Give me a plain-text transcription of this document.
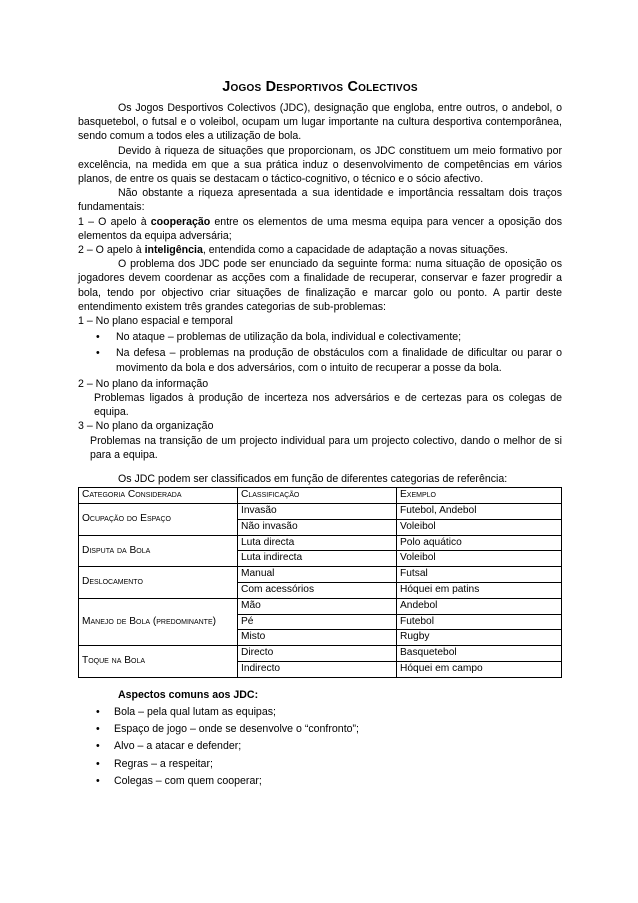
Jogos Desportivos Colectivos

Os Jogos Desportivos Colectivos (JDC), designação que engloba, entre outros, o andebol, o basquetebol, o futsal e o voleibol, ocupam um lugar importante na cultura desportiva contemporânea, sendo comum a todos eles a utilização de bola.

Devido à riqueza de situações que proporcionam, os JDC constituem um meio formativo por excelência, na medida em que a sua prática induz o desenvolvimento de competências em vários planos, de entre os quais se destacam o táctico-cognitivo, o técnico e o sócio afectivo.

Não obstante a riqueza apresentada a sua identidade e importância ressaltam dois traços fundamentais:

1 – O apelo à cooperação entre os elementos de uma mesma equipa para vencer a oposição dos elementos da equipa adversária;

2 – O apelo à inteligência, entendida como a capacidade de adaptação a novas situações.

O problema dos JDC pode ser enunciado da seguinte forma: numa situação de oposição os jogadores devem coordenar as acções com a finalidade de recuperar, conservar e fazer progredir a bola, tendo por objectivo criar situações de finalização e marcar golo ou ponto. A partir deste entendimento existem três grandes categorias de sub-problemas:

1 – No plano espacial e temporal

• No ataque – problemas de utilização da bola, individual e colectivamente;
• Na defesa – problemas na produção de obstáculos com a finalidade de dificultar ou parar o movimento da bola e dos adversários, com o intuito de recuperar a posse da bola.

2 – No plano da informação

Problemas ligados à produção de incerteza nos adversários e de certezas para os colegas de equipa.

3 – No plano da organização

Problemas na transição de um projecto individual para um projecto colectivo, dando o melhor de si para a equipa.

Os JDC podem ser classificados em função de diferentes categorias de referência:

Categoria Considerada	Classificação	Exemplo
Ocupação do Espaço	Invasão	Futebol, Andebol
	Não invasão	Voleibol
Disputa da Bola	Luta directa	Polo aquático
	Luta indirecta	Voleibol
Deslocamento	Manual	Futsal
	Com acessórios	Hóquei em patins
Manejo de Bola (predominante)	Mão	Andebol
	Pé	Futebol
	Misto	Rugby
Toque na Bola	Directo	Basquetebol
	Indirecto	Hóquei em campo
Aspectos comuns aos JDC:
• Bola – pela qual lutam as equipas;
• Espaço de jogo – onde se desenvolve o “confronto”;
• Alvo – a atacar e defender;
• Regras – a respeitar;
• Colegas – com quem cooperar;
